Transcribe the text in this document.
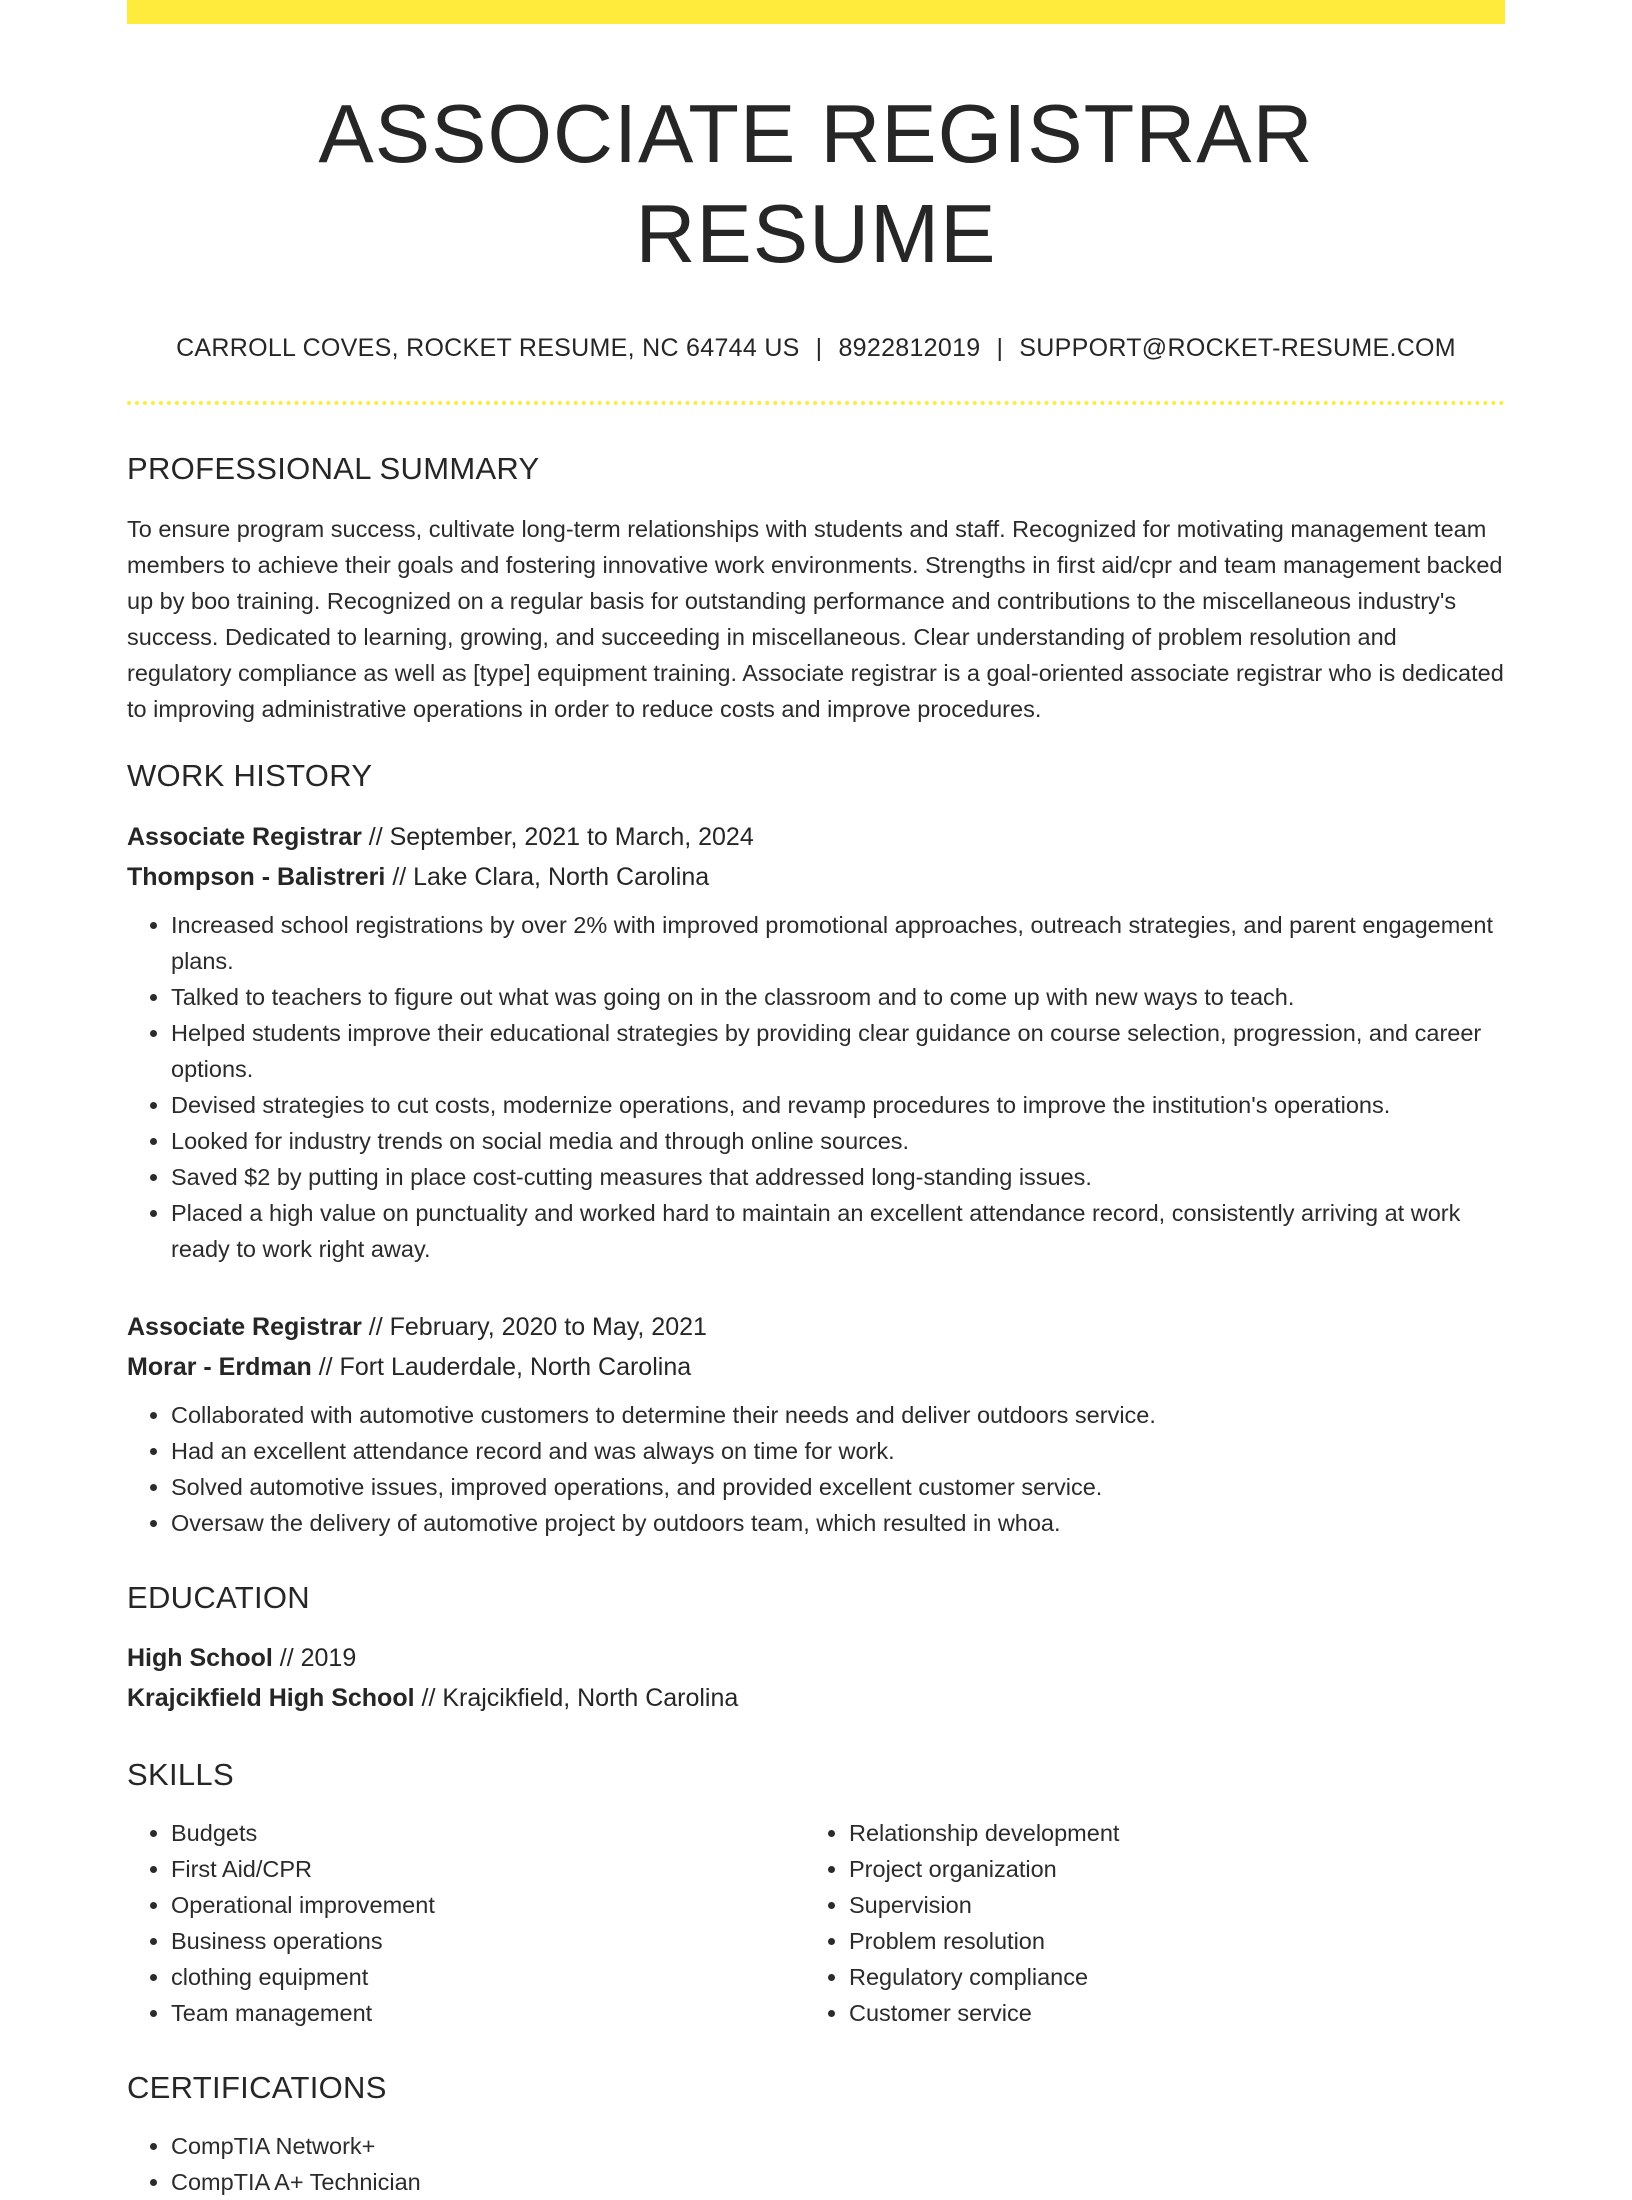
ASSOCIATE REGISTRAR RESUME
CARROLL COVES, ROCKET RESUME, NC 64744 US | 8922812019 | SUPPORT@ROCKET-RESUME.COM
PROFESSIONAL SUMMARY

To ensure program success, cultivate long-term relationships with students and staff. Recognized for motivating management team members to achieve their goals and fostering innovative work environments. Strengths in first aid/cpr and team management backed up by boo training. Recognized on a regular basis for outstanding performance and contributions to the miscellaneous industry's success. Dedicated to learning, growing, and succeeding in miscellaneous. Clear understanding of problem resolution and regulatory compliance as well as [type] equipment training. Associate registrar is a goal-oriented associate registrar who is dedicated to improving administrative operations in order to reduce costs and improve procedures.

WORK HISTORY
Associate Registrar // September, 2021 to March, 2024
Thompson - Balistreri // Lake Clara, North Carolina
• Increased school registrations by over 2% with improved promotional approaches, outreach strategies, and parent engagement plans.
• Talked to teachers to figure out what was going on in the classroom and to come up with new ways to teach.
• Helped students improve their educational strategies by providing clear guidance on course selection, progression, and career options.
• Devised strategies to cut costs, modernize operations, and revamp procedures to improve the institution's operations.
• Looked for industry trends on social media and through online sources.
• Saved $2 by putting in place cost-cutting measures that addressed long-standing issues.
• Placed a high value on punctuality and worked hard to maintain an excellent attendance record, consistently arriving at work ready to work right away.
Associate Registrar // February, 2020 to May, 2021
Morar - Erdman // Fort Lauderdale, North Carolina
• Collaborated with automotive customers to determine their needs and deliver outdoors service.
• Had an excellent attendance record and was always on time for work.
• Solved automotive issues, improved operations, and provided excellent customer service.
• Oversaw the delivery of automotive project by outdoors team, which resulted in whoa.
EDUCATION
High School // 2019
Krajcikfield High School // Krajcikfield, North Carolina
SKILLS
• Budgets
• First Aid/CPR
• Operational improvement
• Business operations
• clothing equipment
• Team management
• Relationship development
• Project organization
• Supervision
• Problem resolution
• Regulatory compliance
• Customer service
CERTIFICATIONS
• CompTIA Network+
• CompTIA A+ Technician
